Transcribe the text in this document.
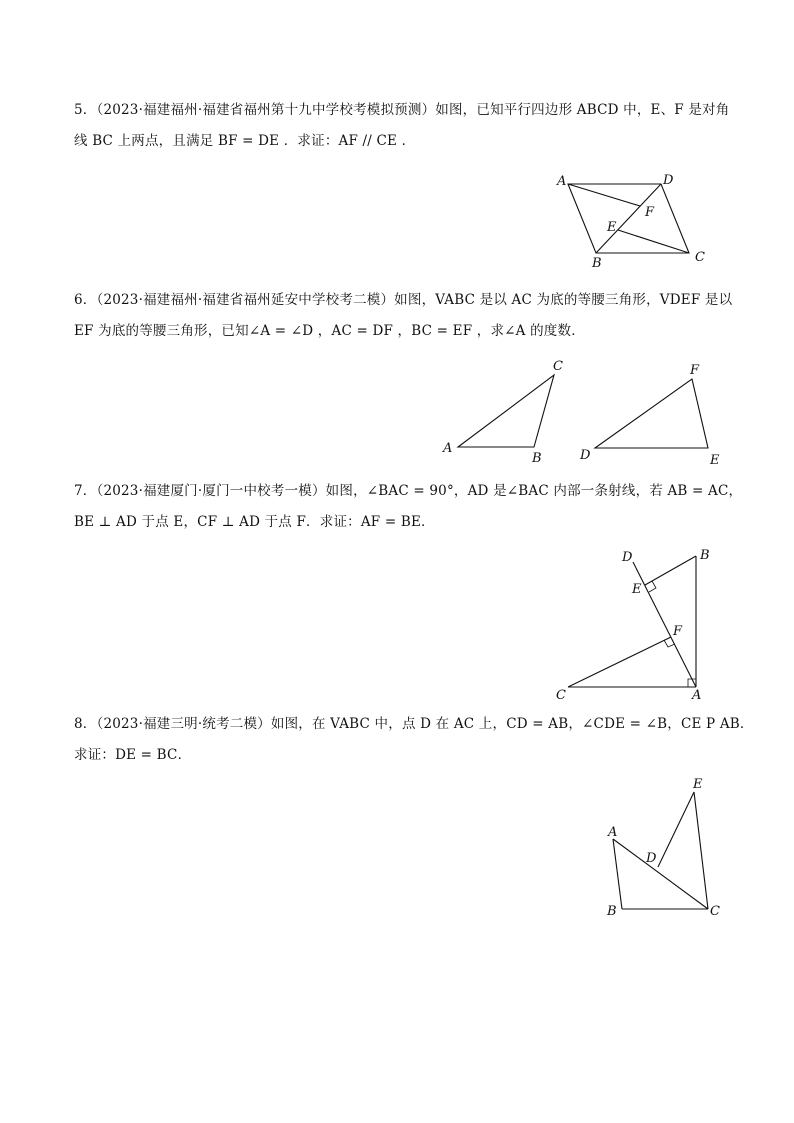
5．（2023·福建福州·福建省福州第十九中学校考模拟预测）如图，已知平行四边形 ABCD 中，E、F 是对角
线 BC 上两点，且满足 BF = DE ．求证：AF // CE ．
A	D
F
E
B	C
6．（2023·福建福州·福建省福州延安中学校考二模）如图，VABC 是以 AC 为底的等腰三角形，VDEF 是以
EF 为底的等腰三角形，已知∠A = ∠D ，AC = DF ，BC = EF ，求∠A 的度数．
A
B
C
D	E
F
7．（2023·福建厦门·厦门一中校考一模）如图，∠BAC = 90°，AD 是∠BAC 内部一条射线，若 AB = AC，
BE ⊥ AD 于点 E，CF ⊥ AD 于点 F．求证：AF = BE．
D	B
E
F
C	A
8．（2023·福建三明·统考二模）如图，在 VABC 中，点 D 在 AC 上，CD = AB，∠CDE = ∠B，CE P AB．
求证：DE = BC．
E
A
D
B	C
